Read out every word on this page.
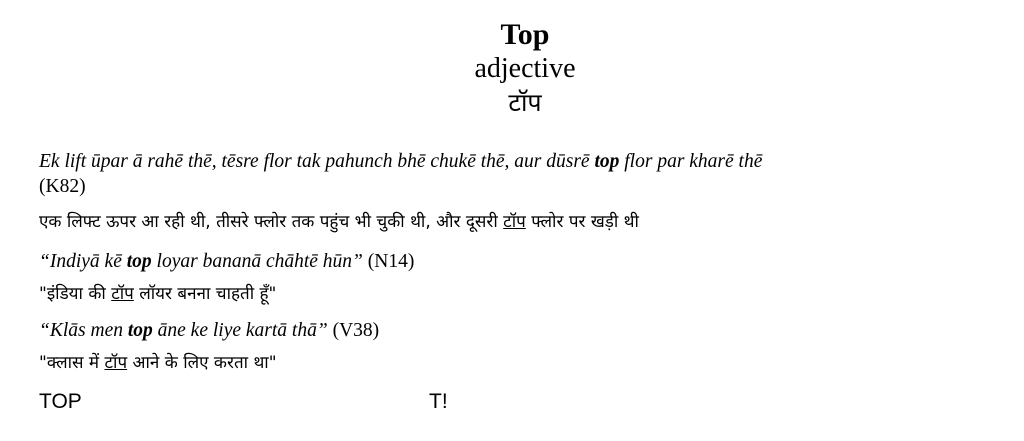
Top
adjective
टॉप
Ek lift ūpar ā rahē thē, tēsre flor tak pahunch bhē chukē thē, aur dūsrē top flor par kharē thē
(K82)
एक लिफ्ट ऊपर आ रही थी, तीसरे फ्लोर तक पहुंच भी चुकी थी, और दूसरी टॉप फ्लोर पर खड़ी थी
“Indiyā kē top loyar bananā chāhtē hūn” (N14)
"इंडिया की टॉप लॉयर बनना चाहती हूँ"
“Klās men top āne ke liye kartā thā” (V38)
"क्लास में टॉप आने के लिए करता था"
TOP	T!
